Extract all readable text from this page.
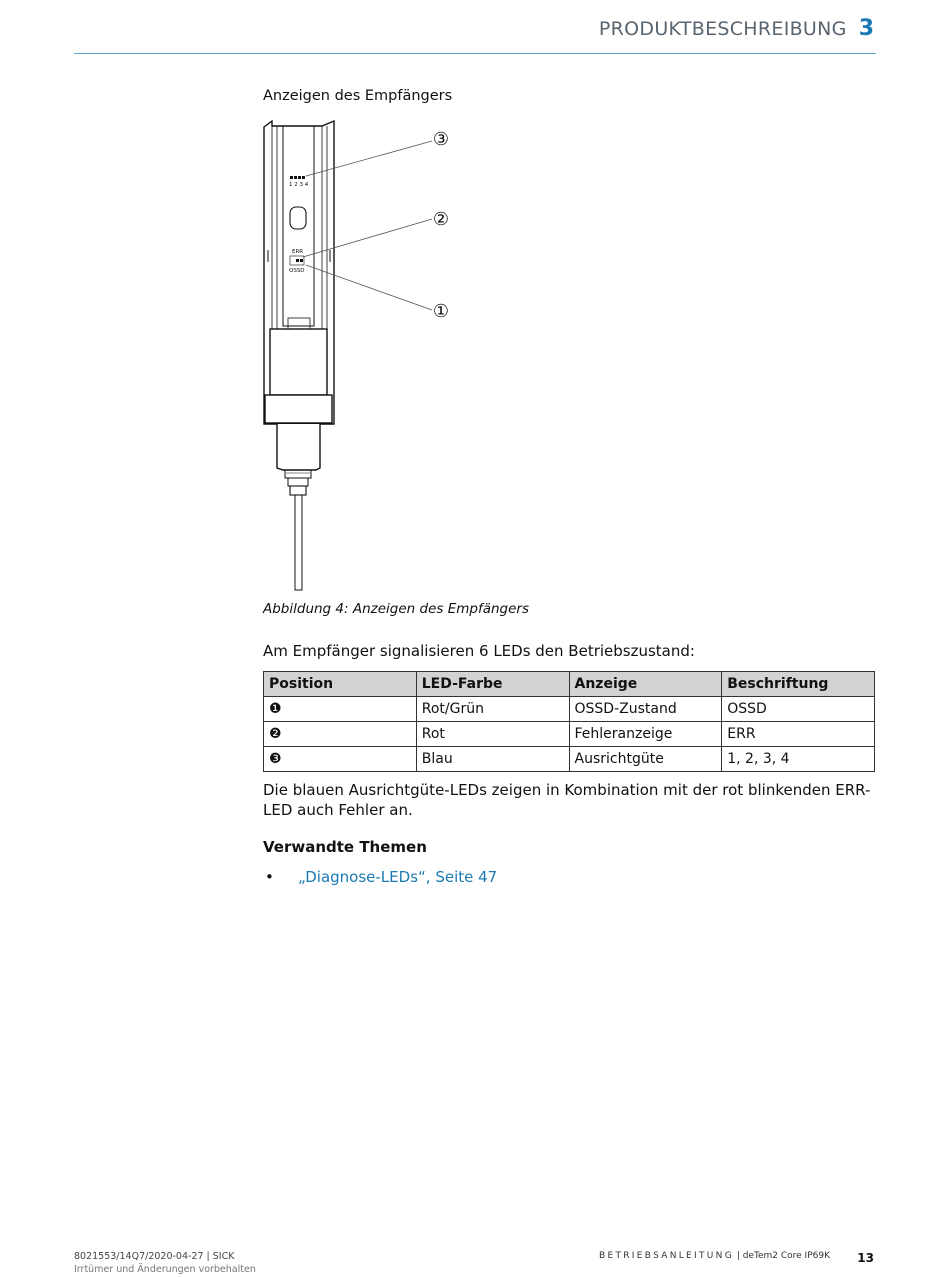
PRODUKTBESCHREIBUNG 3
Anzeigen des Empfängers
1 2 3 4
ERR
OSSD
③
②
①
Abbildung 4: Anzeigen des Empfängers
Am Empfänger signalisieren 6 LEDs den Betriebszustand:
Position	LED-Farbe	Anzeige	Beschriftung
❶	Rot/Grün	OSSD-Zustand	OSSD
❷	Rot	Fehleranzeige	ERR
❸	Blau	Ausrichtgüte	1, 2, 3, 4
Die blauen Ausrichtgüte-LEDs zeigen in Kombination mit der rot blinkenden ERR-LED auch Fehler an.
Verwandte Themen
• „Diagnose-LEDs“, Seite 47
8021553/14Q7/2020-04-27 | SICK
Irrtümer und Änderungen vorbehalten
BETRIEBSANLEITUNG | deTem2 Core IP69K 13
